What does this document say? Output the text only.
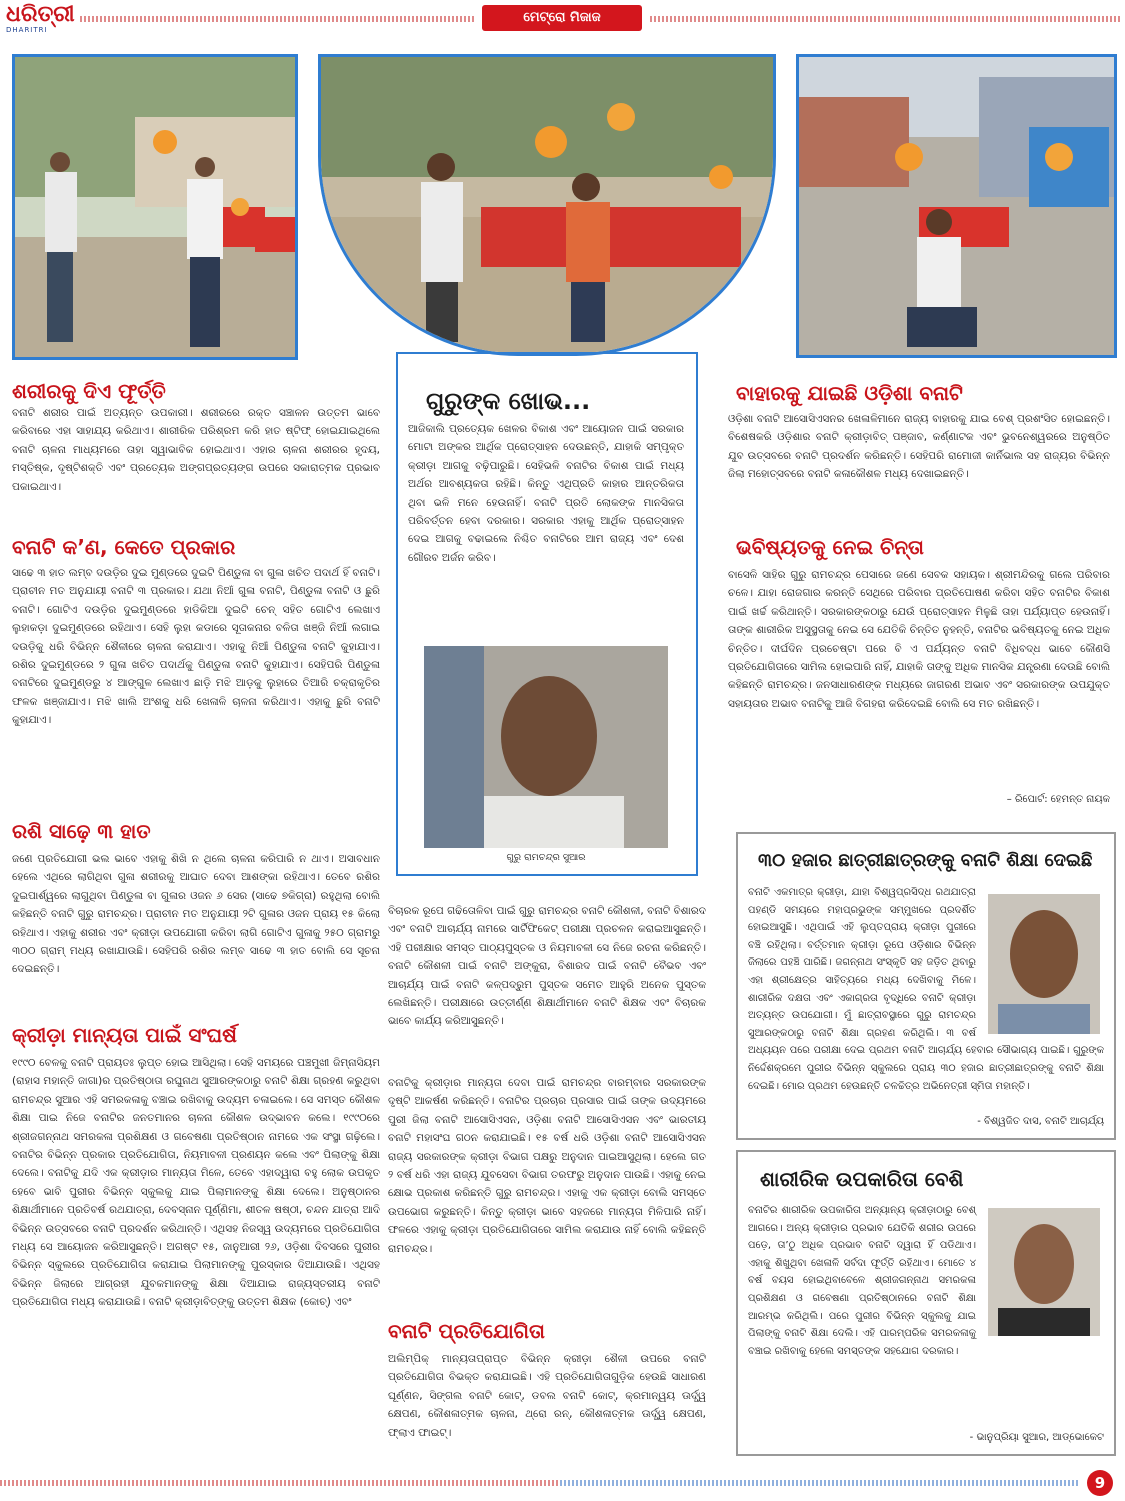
ଧରିତ୍ରୀ
DHARITRI
ମେଟ୍ରୋ ମିଜାଜ
ଶରୀରକୁ ଦିଏ ଫୂର୍ତ୍ତି

ବନାଟି ଶରୀର ପାଇଁ ଅତ୍ୟନ୍ତ ଉପକାରୀ। ଶରୀରରେ ରକ୍ତ ସଞ୍ଚାଳନ ଉତ୍ତମ ଭାବେ କରିବାରେ ଏହା ସାହାଯ୍ୟ କରିଥାଏ। ଶାରୀରିକ ପରିଶ୍ରମ କରି ହାତ ଷ୍ଟିଫ୍ ହୋଇଯାଇଥିଲେ ବନାଟି ଚାଳନା ମାଧ୍ୟମରେ ତାହା ସ୍ୱାଭାବିକ ହୋଇଥାଏ। ଏହାର ଚାଳନା ଶରୀରର ହୃଦୟ, ମସ୍ତିଷ୍କ, ଦୃଷ୍ଟିଶକ୍ତି ଏବଂ ପ୍ରତ୍ୟେକ ଅଙ୍ଗପ୍ରତ୍ୟଙ୍ଗ ଉପରେ ସକାରାତ୍ମକ ପ୍ରଭାବ ପକାଇଥାଏ।

ବନାଟି କ’ଣ, କେତେ ପ୍ରକାର

ସାଢେ ୩ ହାତ ଲମ୍ବ ଦଉଡ଼ିର ଦୁଇ ମୁଣ୍ଡରେ ଦୁଇଟି ପିଣ୍ଡୁଳା ବା ଗୁଳା ଖଚିତ ପଦାର୍ଥ ହିଁ ବନାଟି। ପ୍ରାଚୀନ ମତ ଅନୁଯାୟୀ ବନାଟି ୩ ପ୍ରକାର। ଯଥା ନିଆଁ ଗୁଳା ବନାଟି, ପିଣ୍ଡୁଳା ବନାଟି ଓ ଛୁରି ବନାଟି। ଗୋଟିଏ ଦଉଡ଼ିର ଦୁଇମୁଣ୍ଡରେ ହାଡିକିଆ ଦୁଇଟି ଚେନ୍ ସହିତ ଗୋଟିଏ ଲେଖାଏ ଲୁହାକଡ଼ା ଦୁଇମୁଣ୍ଡରେ ରହିଥାଏ। ସେହି ଲୁହା କଡାରେ ସୂତାକନାର ବଳିତା ଖଞ୍ଜି ନିଆଁ ଲଗାଇ ଦଉଡ଼ିକୁ ଧରି ବିଭିନ୍ନ ଶୈଳୀରେ ଚାଳନା କରାଯାଏ। ଏହାକୁ ନିଆଁ ପିଣ୍ଡୁଳା ବନାଟି କୁହାଯାଏ। ରଶିର ଦୁଇମୁଣ୍ଡରେ ୨ ଗୁଳା ଖଚିତ ପଦାର୍ଥକୁ ପିଣ୍ଡୁଳା ବନାଟି କୁହାଯାଏ। ସେହିପରି ପିଣ୍ଡୁଳା ବନାଟିରେ ଦୁଇମୁଣ୍ଡରୁ ୪ ଆଙ୍ଗୁଳ ଲେଖାଏ ଛାଡ଼ି ମଝି ଆଡ଼କୁ ଲୁହାରେ ତିଆରି ଚକ୍ରାକୃତିର ଫଳକ ଖଞ୍ଜାଯାଏ। ମଝି ଖାଲି ଅଂଶକୁ ଧରି ଖେଳାଳି ଚାଳନା କରିଥାଏ। ଏହାକୁ ଛୁରି ବନାଟି କୁହାଯାଏ।

ରଶି ସାଢ଼େ ୩ ହାତ

ଜଣେ ପ୍ରତିଯୋଗୀ ଭଲ ଭାବେ ଏହାକୁ ଶିଖି ନ ଥିଲେ ଚାଳନା କରିପାରି ନ ଥାଏ। ଅସାବଧାନ ହେଲେ ଏଥିରେ ଲାଗିଥିବା ଗୁଳା ଶରୀରକୁ ଆଘାତ ଦେବା ଆଶଙ୍କା ରହିଥାଏ। ତେବେ ରଶିର ଦୁଇପାର୍ଶ୍ୱରେ ଲାଗୁଥିବା ପିଣ୍ଡୁଳା ବା ଗୁଳାର ଓଜନ ୬ ସେର (ସାଢେ ୭କିଗ୍ରା) ରହୁଥିଲା ବୋଲି କହିଛନ୍ତି ବନାଟି ଗୁରୁ ରାମଚନ୍ଦ୍ର। ପ୍ରାଚୀନ ମତ ଅନୁଯାୟୀ ୨ଟି ଗୁଳାର ଓଜନ ପ୍ରାୟ ୧୫ କିଲୋ ରହିଥାଏ। ଏହାକୁ ଶରୀର ଏବଂ କ୍ରୀଡ଼ା ଉପଯୋଗୀ କରିବା ଲାଗି ଗୋଟିଏ ଗୁଳାକୁ ୨୫୦ ଗ୍ରାମରୁ ୩୦୦ ଗ୍ରାମ୍ ମଧ୍ୟ ରଖାଯାଉଛି। ସେହିପରି ରଶିର ଲମ୍ବ ସାଢେ ୩ ହାତ ବୋଲି ସେ ସୂଚନା ଦେଇଛନ୍ତି।

କ୍ରୀଡ଼ା ମାନ୍ୟତା ପାଇଁ ସଂଘର୍ଷ

୧୯୯୦ ବେଳକୁ ବନାଟି ପ୍ରାୟତଃ ଲୁପ୍ତ ହୋଇ ଆସିଥିଲା। ସେହି ସମୟରେ ପଞ୍ଚମୁଖୀ ଜିମ୍ନାସିୟମ (ରାହାସ ମହାନ୍ତି ଜାଗା)ର ପ୍ରତିଷ୍ଠାତା ରଘୁନାଥ ସୁଆରଙ୍କଠାରୁ ବନାଟି ଶିକ୍ଷା ଗ୍ରହଣ କରୁଥିବା ରାମଚନ୍ଦ୍ର ସୁଆର ଏହି ସମରକଳାକୁ ବଞ୍ଚାଇ ରଖିବାକୁ ଉଦ୍ୟମ ଚଳାଇଲେ। ସେ ସମସ୍ତ କୌଶଳ ଶିକ୍ଷା ପାଇ ନିଜେ ବନାଟିର ଜନତମାନର ଚାଳନା କୌଶଳ ଉଦ୍ଭାବନ କଲେ। ୧୯୯୦ରେ ଶ୍ରୀଜଗନ୍ନାଥ ସମରକଳା ପ୍ରଶିକ୍ଷଣ ଓ ଗବେଷଣା ପ୍ରତିଷ୍ଠାନ ନାମରେ ଏକ ସଂସ୍ଥା ଗଢ଼ିଲେ। ବନାଟିର ବିଭିନ୍ନ ପ୍ରକାର ପ୍ରତିଯୋଗିତା, ନିୟମାବଳୀ ପ୍ରଣୟନ କଲେ ଏବଂ ପିଲାଙ୍କୁ ଶିକ୍ଷା ଦେଲେ। ବନାଟିକୁ ଯଦି ଏକ କ୍ରୀଡ଼ାର ମାନ୍ୟତା ମିଳେ, ତେବେ ଏହାଦ୍ୱାରା ବହୁ ଲୋକ ଉପକୃତ ହେବେ ଭାବି ପୁରୀର ବିଭିନ୍ନ ସ୍କୁଲକୁ ଯାଇ ପିଲାମାନଙ୍କୁ ଶିକ୍ଷା ଦେଲେ। ଅନୁଷ୍ଠାନର ଶିକ୍ଷାର୍ଥୀମାନେ ପ୍ରତିବର୍ଷ ରଥଯାତ୍ରା, ଦେବସ୍ନାନ ପୂର୍ଣ୍ଣିମା, ଶୀତଳ ଷଷ୍ଠୀ, ଚନ୍ଦନ ଯାତ୍ରା ଆଦି ବିଭିନ୍ନ ଉତ୍ସବରେ ବନାଟି ପ୍ରଦର୍ଶନ କରିଥାନ୍ତି। ଏଥିସହ ନିଜସ୍ୱ ଉଦ୍ୟମରେ ପ୍ରତିଯୋଗିତା ମଧ୍ୟ ସେ ଆୟୋଜନ କରିଆସୁଛନ୍ତି। ଅଗଷ୍ଟ ୧୫, ଜାନୁଆରୀ ୨୬, ଓଡ଼ିଶା ଦିବସରେ ପୁରୀର ବିଭିନ୍ନ ସ୍କୁଲରେ ପ୍ରତିଯୋଗିତା କରାଯାଇ ପିଲାମାନଙ୍କୁ ପୁରସ୍କାର ଦିଆଯାଉଛି। ଏଥିସହ ବିଭିନ୍ନ ଜିଲାରେ ଆଗ୍ରହୀ ଯୁବକମାନଙ୍କୁ ଶିକ୍ଷା ଦିଆଯାଇ ରାଜ୍ୟସ୍ତରୀୟ ବନାଟି ପ୍ରତିଯୋଗିତା ମଧ୍ୟ କରାଯାଉଛି। ବନାଟି କ୍ରୀଡ଼ାବିତ୍‌ଙ୍କୁ ଉତ୍ତମ ଶିକ୍ଷକ (କୋଚ୍) ଏବଂ

ଗୁରୁଙ୍କ ଖୋଭ...

ଆଜିକାଲି ପ୍ରତ୍ୟେକ ଖେଳର ବିକାଶ ଏବଂ ଆୟୋଜନ ପାଇଁ ସରକାର ମୋଟା ଅଙ୍କର ଆର୍ଥିକ ପ୍ରୋତ୍ସାହନ ଦେଉଛନ୍ତି, ଯାହାକି ସମ୍ପୃକ୍ତ କ୍ରୀଡ଼ା ଆଗକୁ ବଢ଼ିପାରୁଛି। ସେହିଭଳି ବନାଟିର ବିକାଶ ପାଇଁ ମଧ୍ୟ ଅର୍ଥର ଆବଶ୍ୟକତା ରହିଛି। କିନ୍ତୁ ଏଥିପ୍ରତି କାହାର ଆନ୍ତରିକତା ଥିବା ଭଳି ମନେ ହେଉନାହିଁ। ବନାଟି ପ୍ରତି ଲୋକଙ୍କ ମାନସିକତା ପରିବର୍ତ୍ତନ ହେବା ଦରକାର। ସରକାର ଏହାକୁ ଆର୍ଥିକ ପ୍ରୋତ୍ସାହନ ଦେଇ ଆଗକୁ ବଢାଇଲେ ନିଶ୍ଚିତ ବନାଟିରେ ଆମ ରାଜ୍ୟ ଏବଂ ଦେଶ ଗୌରବ ଅର୍ଜନ କରିବ।

ଗୁରୁ ରାମଚନ୍ଦ୍ର ସୁଆର

ବିଚାରକ ରୂପେ ଗଢିତୋଳିବା ପାଇଁ ଗୁରୁ ରାମଚନ୍ଦ୍ର ବନାଟି କୌଶଳୀ, ବନାଟି ବିଶାରଦ ଏବଂ ବନାଟି ଆଚାର୍ଯ୍ୟ ନାମରେ ସାର୍ଟିଫିକେଟ୍ ପରୀକ୍ଷା ପ୍ରଚଳନ କରାଇଆସୁଛନ୍ତି। ଏହି ପରୀକ୍ଷାର ସମସ୍ତ ପାଠ୍ୟପୁସ୍ତକ ଓ ନିୟମାବଳୀ ସେ ନିଜେ ରଚନା କରିଛନ୍ତି। ବନାଟି କୌଶଳୀ ପାଇଁ ବନାଟି ଅଙ୍କୁରା, ବିଶାରଦ ପାଇଁ ବନାଟି ବୈଭବ ଏବଂ ଆଚାର୍ଯ୍ୟ ପାଇଁ ବନାଟି କଳ୍ପଦ୍ରୁମ ପୁସ୍ତକ ସମେତ ଆହୁରି ଅନେକ ପୁସ୍ତକ ଲେଖିଛନ୍ତି। ପରୀକ୍ଷାରେ ଉତ୍ତୀର୍ଣ୍ଣ ଶିକ୍ଷାର୍ଥୀମାନେ ବନାଟି ଶିକ୍ଷକ ଏବଂ ବିଚାରକ ଭାବେ କାର୍ଯ୍ୟ କରିଆସୁଛନ୍ତି।

ବନାଟିକୁ କ୍ରୀଡ଼ାର ମାନ୍ୟତା ଦେବା ପାଇଁ ରାମଚନ୍ଦ୍ର ବାରମ୍ବାର ସରକାରଙ୍କ ଦୃଷ୍ଟି ଆକର୍ଷଣ କରିଛନ୍ତି। ବନାଟିର ପ୍ରଚାର ପ୍ରସାର ପାଇଁ ତାଙ୍କ ଉଦ୍ୟମରେ ପୁରୀ ଜିଲା ବନାଟି ଆସୋସିଏସନ, ଓଡ଼ିଶା ବନାଟି ଆସୋସିଏସନ ଏବଂ ଭାରତୀୟ ବନାଟି ମହାସଂଘ ଗଠନ କରାଯାଇଛି। ୧୫ ବର୍ଷ ଧରି ଓଡ଼ିଶା ବନାଟି ଆସୋସିଏସନ ରାଜ୍ୟ ସରକାରଙ୍କ କ୍ରୀଡ଼ା ବିଭାଗ ପକ୍ଷରୁ ଅନୁଦାନ ପାଇଆସୁଥିଲା। ହେଲେ ଗତ ୨ ବର୍ଷ ଧରି ଏହା ରାଜ୍ୟ ଯୁବସେବା ବିଭାଗ ତରଫରୁ ଅନୁଦାନ ପାଉଛି। ଏହାକୁ ନେଇ କ୍ଷୋଭ ପ୍ରକାଶ କରିଛନ୍ତି ଗୁରୁ ରାମଚନ୍ଦ୍ର। ଏହାକୁ ଏକ କ୍ରୀଡ଼ା ବୋଲି ସମସ୍ତେ ଉପଭୋଗ କରୁଛନ୍ତି। କିନ୍ତୁ କ୍ରୀଡ଼ା ଭାବେ ସହଜରେ ମାନ୍ୟତା ମିଳିପାରି ନାହିଁ। ଫଳରେ ଏହାକୁ କ୍ରୀଡ଼ା ପ୍ରତିଯୋଗିତାରେ ସାମିଲ କରାଯାଉ ନାହିଁ ବୋଲି କହିଛନ୍ତି ରାମଚନ୍ଦ୍ର।

ବନାଟି ପ୍ରତିଯୋଗିତା

ଅଲିମ୍ପିକ୍ ମାନ୍ୟତାପ୍ରାପ୍ତ ବିଭିନ୍ନ କ୍ରୀଡ଼ା ଶୈଳୀ ଉପରେ ବନାଟି ପ୍ରତିଯୋଗିତା ବିଭକ୍ତ କରାଯାଇଛି। ଏହି ପ୍ରତିଯୋଗିତାଗୁଡ଼ିକ ହେଉଛି ସାଧାରଣ ଘୂର୍ଣ୍ଣନ, ସିଙ୍ଗଲ ବନାଟି କୋଟ୍, ଡବଲ ବନାଟି କୋଟ୍, କ୍ରମାନ୍ୱୟ ଊର୍ଦ୍ଧ୍ୱ କ୍ଷେପଣ, କୌଶଳାତ୍ମକ ଚାଳନା, ଥ୍ରୋ ରନ୍, କୌଶଳାତ୍ମକ ଊର୍ଦ୍ଧ୍ୱ କ୍ଷେପଣ, ଫ୍ଲାଏ ଫାଇଟ୍।

ବାହାରକୁ ଯାଇଛି ଓଡ଼ିଶା ବନାଟି

ଓଡ଼ିଶା ବନାଟି ଆସୋସିଏସନର ଖେଳାଳିମାନେ ରାଜ୍ୟ ବାହାରକୁ ଯାଇ ବେଶ୍ ପ୍ରଶଂସିତ ହୋଇଛନ୍ତି। ବିଶେଷକରି ଓଡ଼ିଶାର ବନାଟି କ୍ରୀଡ଼ାବିତ୍ ପଞ୍ଜାବ, କର୍ଣ୍ଣାଟକ ଏବଂ ଭୁବନେଶ୍ୱରରେ ଅନୁଷ୍ଠିତ ଯୁବ ଉତ୍ସବରେ ବନାଟି ପ୍ରଦର୍ଶନ କରିଛନ୍ତି। ସେହିପରି ରାମୋଜୀ କାର୍ନିଭାଲ ସହ ରାଜ୍ୟର ବିଭିନ୍ନ ଜିଲା ମହୋତ୍ସବରେ ବନାଟି କଳାକୌଶଳ ମଧ୍ୟ ଦେଖାଇଛନ୍ତି।

ଭବିଷ୍ୟତକୁ ନେଇ ଚିନ୍ତା

ବାସେଳି ସାହିର ଗୁରୁ ରାମଚନ୍ଦ୍ର ପେସାରେ ଜଣେ ସେବକ ସହାୟକ। ଶ୍ରୀମନ୍ଦିରକୁ ଗଲେ ପରିବାର ଚଳେ। ଯାହା ରୋଜଗାର କରନ୍ତି ସେଥିରେ ପରିବାର ପ୍ରତିପୋଷଣ କରିବା ସହିତ ବନାଟିର ବିକାଶ ପାଇଁ ଖର୍ଚ୍ଚ କରିଥାନ୍ତି। ସରକାରଙ୍କଠାରୁ ଯେଉଁ ପ୍ରୋତ୍ସାହନ ମିଳୁଛି ତାହା ପର୍ଯ୍ୟାପ୍ତ ହେଉନାହିଁ। ତାଙ୍କ ଶାରୀରିକ ଅସୁସ୍ଥତାକୁ ନେଇ ସେ ଯେତିକି ଚିନ୍ତିତ ନୁହନ୍ତି, ବନାଟିର ଭବିଷ୍ୟତକୁ ନେଇ ଅଧିକ ଚିନ୍ତିତ। ଦୀର୍ଘଦିନ ପ୍ରଚେଷ୍ଟା ପରେ ବି ଏ ପର୍ଯ୍ୟନ୍ତ ବନାଟି ବିଧିବଦ୍ଧ ଭାବେ କୌଣସି ପ୍ରତିଯୋଗିତାରେ ସାମିଲ ହୋଇପାରି ନାହିଁ, ଯାହାକି ତାଙ୍କୁ ଅଧିକ ମାନସିକ ଯନ୍ତ୍ରଣା ଦେଉଛି ବୋଲି କହିଛନ୍ତି ରାମଚନ୍ଦ୍ର। ଜନସାଧାରଣଙ୍କ ମଧ୍ୟରେ ଜାଗରଣ ଅଭାବ ଏବଂ ସରକାରଙ୍କ ଉପଯୁକ୍ତ ସହାୟତାର ଅଭାବ ବନାଟିକୁ ଆଜି ବିଗହରା କରିଦେଇଛି ବୋଲି ସେ ମତ ରଖିଛନ୍ତି।

– ରିପୋର୍ଟ: ହେମନ୍ତ ନାୟକ
୩୦ ହଜାର ଛାତ୍ରୀଛାତ୍ରଙ୍କୁ ବନାଟି ଶିକ୍ଷା ଦେଇଛି

ବନାଟି ଏକମାତ୍ର କ୍ରୀଡ଼ା, ଯାହା ବିଶ୍ୱପ୍ରସିଦ୍ଧ ରଥଯାତ୍ରା ପହଣ୍ଡି ସମୟରେ ମହାପ୍ରଭୁଙ୍କ ସମ୍ମୁଖରେ ପ୍ରଦର୍ଶିତ ହୋଇଆସୁଛି। ଏଥିପାଇଁ ଏହି ଲୁପ୍ତପ୍ରାୟ କ୍ରୀଡ଼ା ପୁରୀରେ ବଞ୍ଚି ରହିଥିଲା। ବର୍ତ୍ତମାନ କ୍ରୀଡ଼ା ରୂପେ ଓଡ଼ିଶାର ବିଭିନ୍ନ ଜିଲାରେ ପହଞ୍ଚି ପାରିଛି। ଜଗନ୍ନାଥ ସଂସ୍କୃତି ସହ ଜଡ଼ିତ ଥିବାରୁ ଏହା ଶ୍ରୀକ୍ଷେତ୍ର ସାହିତ୍ୟରେ ମଧ୍ୟ ଦେଖିବାକୁ ମିଳେ। ଶାରୀରିକ ଦକ୍ଷତା ଏବଂ ଏକାଗ୍ରତା ବୃଦ୍ଧିରେ ବନାଟି କ୍ରୀଡ଼ା ଅତ୍ୟନ୍ତ ଉପଯୋଗୀ। ମୁଁ ଛାତ୍ରାବସ୍ଥାରେ ଗୁରୁ ରାମଚନ୍ଦ୍ର ସୁଆରଙ୍କଠାରୁ ବନାଟି ଶିକ୍ଷା ଗ୍ରହଣ କରିଥିଲି। ୩ ବର୍ଷ ଅଧ୍ୟୟନ ପରେ ପରୀକ୍ଷା ଦେଇ ପ୍ରଥମ ବନାଟି ଆଚାର୍ଯ୍ୟ ହେବାର ସୌଭାଗ୍ୟ ପାଇଛି। ଗୁରୁଙ୍କ ନିର୍ଦ୍ଦେଶକ୍ରମେ ପୁରୀର ବିଭିନ୍ନ ସ୍କୁଲରେ ପ୍ରାୟ ୩୦ ହଜାର ଛାତ୍ରୀଛାତ୍ରଙ୍କୁ ବନାଟି ଶିକ୍ଷା ଦେଇଛି। ମୋର ପ୍ରଥମ ହେଉଛନ୍ତି ଚଳଚ୍ଚିତ୍ର ଅଭିନେତ୍ରୀ ସ୍ମିତା ମହାନ୍ତି।

- ବିଶ୍ୱଜିତ ଦାସ, ବନାଟି ଆଚାର୍ଯ୍ୟ
ଶାରୀରିକ ଉପକାରିତା ବେଶି

ବନାଟିର ଶାରୀରିକ ଉପକାରିତା ଅନ୍ୟାନ୍ୟ କ୍ରୀଡ଼ାଠାରୁ ବେଶ୍ ଆଗରେ। ଅନ୍ୟ କ୍ରୀଡ଼ାର ପ୍ରଭାବ ଯେତିକି ଶରୀର ଉପରେ ପଡ଼େ, ତା’ଠୁ ଅଧିକ ପ୍ରଭାବ ବନାଟି ଦ୍ୱାରା ହିଁ ପଡିଥାଏ। ଏହାକୁ ଶିଖୁଥିବା ଖେଳାଳି ସର୍ବଦା ଫୂର୍ତ୍ତି ରହିଥାଏ। ମୋତେ ୪ ବର୍ଷ ବୟସ ହୋଇଥିବାବେଳେ ଶ୍ରୀଜଗନ୍ନାଥ ସମରକଳା ପ୍ରଶିକ୍ଷଣ ଓ ଗବେଷଣା ପ୍ରତିଷ୍ଠାନରେ ବନାଟି ଶିକ୍ଷା ଆରମ୍ଭ କରିଥିଲି। ପରେ ପୁରୀର ବିଭିନ୍ନ ସ୍କୁଲକୁ ଯାଇ ପିଲାଙ୍କୁ ବନାଟି ଶିକ୍ଷା ଦେଲି। ଏହି ପାରମ୍ପରିକ ସମରକଳାକୁ ବଞ୍ଚାଇ ରଖିବାକୁ ହେଲେ ସମସ୍ତଙ୍କ ସହଯୋଗ ଦରକାର।

- ଭାନୁପ୍ରିୟା ସୁଆର, ଆଡ୍‌ଭୋକେଟ
9
